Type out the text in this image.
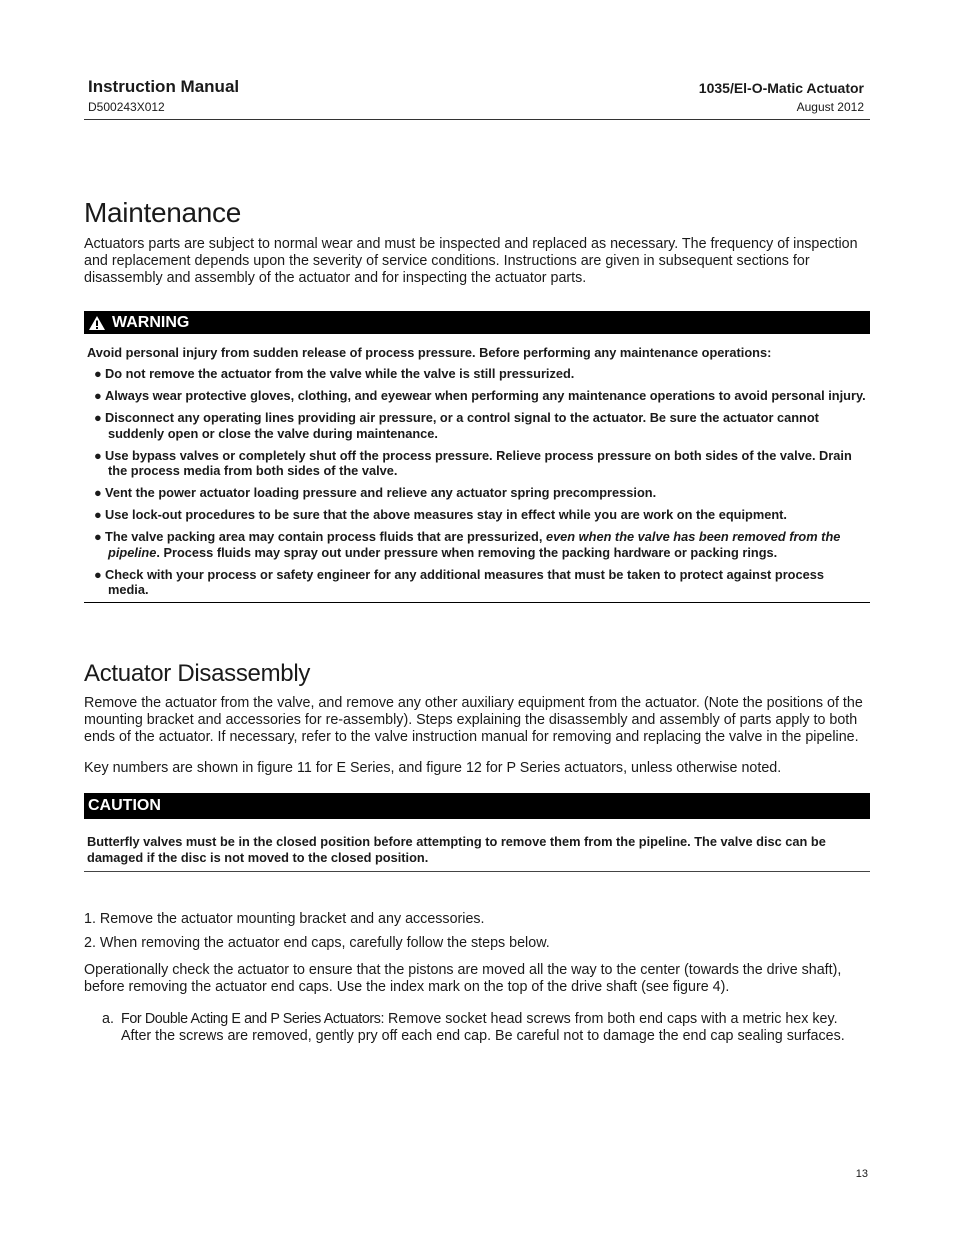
Instruction Manual
D500243X012
1035/El-O-Matic Actuator
August 2012
Maintenance

Actuators parts are subject to normal wear and must be inspected and replaced as necessary. The frequency of inspection and replacement depends upon the severity of service conditions. Instructions are given in subsequent sections for disassembly and assembly of the actuator and for inspecting the actuator parts.

WARNING
Avoid personal injury from sudden release of process pressure. Before performing any maintenance operations:
● Do not remove the actuator from the valve while the valve is still pressurized.
● Always wear protective gloves, clothing, and eyewear when performing any maintenance operations to avoid personal injury.
● Disconnect any operating lines providing air pressure, or a control signal to the actuator. Be sure the actuator cannot suddenly open or close the valve during maintenance.
● Use bypass valves or completely shut off the process pressure. Relieve process pressure on both sides of the valve. Drain the process media from both sides of the valve.
● Vent the power actuator loading pressure and relieve any actuator spring precompression.
● Use lock-out procedures to be sure that the above measures stay in effect while you are work on the equipment.
● The valve packing area may contain process fluids that are pressurized, even when the valve has been removed from the pipeline. Process fluids may spray out under pressure when removing the packing hardware or packing rings.
● Check with your process or safety engineer for any additional measures that must be taken to protect against process media.
Actuator Disassembly

Remove the actuator from the valve, and remove any other auxiliary equipment from the actuator. (Note the positions of the mounting bracket and accessories for re-assembly). Steps explaining the disassembly and assembly of parts apply to both ends of the actuator. If necessary, refer to the valve instruction manual for removing and replacing the valve in the pipeline.

Key numbers are shown in figure 11 for E Series, and figure 12 for P Series actuators, unless otherwise noted.

CAUTION
Butterfly valves must be in the closed position before attempting to remove them from the pipeline. The valve disc can be damaged if the disc is not moved to the closed position.
1. Remove the actuator mounting bracket and any accessories.
2. When removing the actuator end caps, carefully follow the steps below.

Operationally check the actuator to ensure that the pistons are moved all the way to the center (towards the drive shaft), before removing the actuator end caps. Use the index mark on the top of the drive shaft (see figure 4).

a. For Double Acting E and P Series Actuators: Remove socket head screws from both end caps with a metric hex key. After the screws are removed, gently pry off each end cap. Be careful not to damage the end cap sealing surfaces.
13
